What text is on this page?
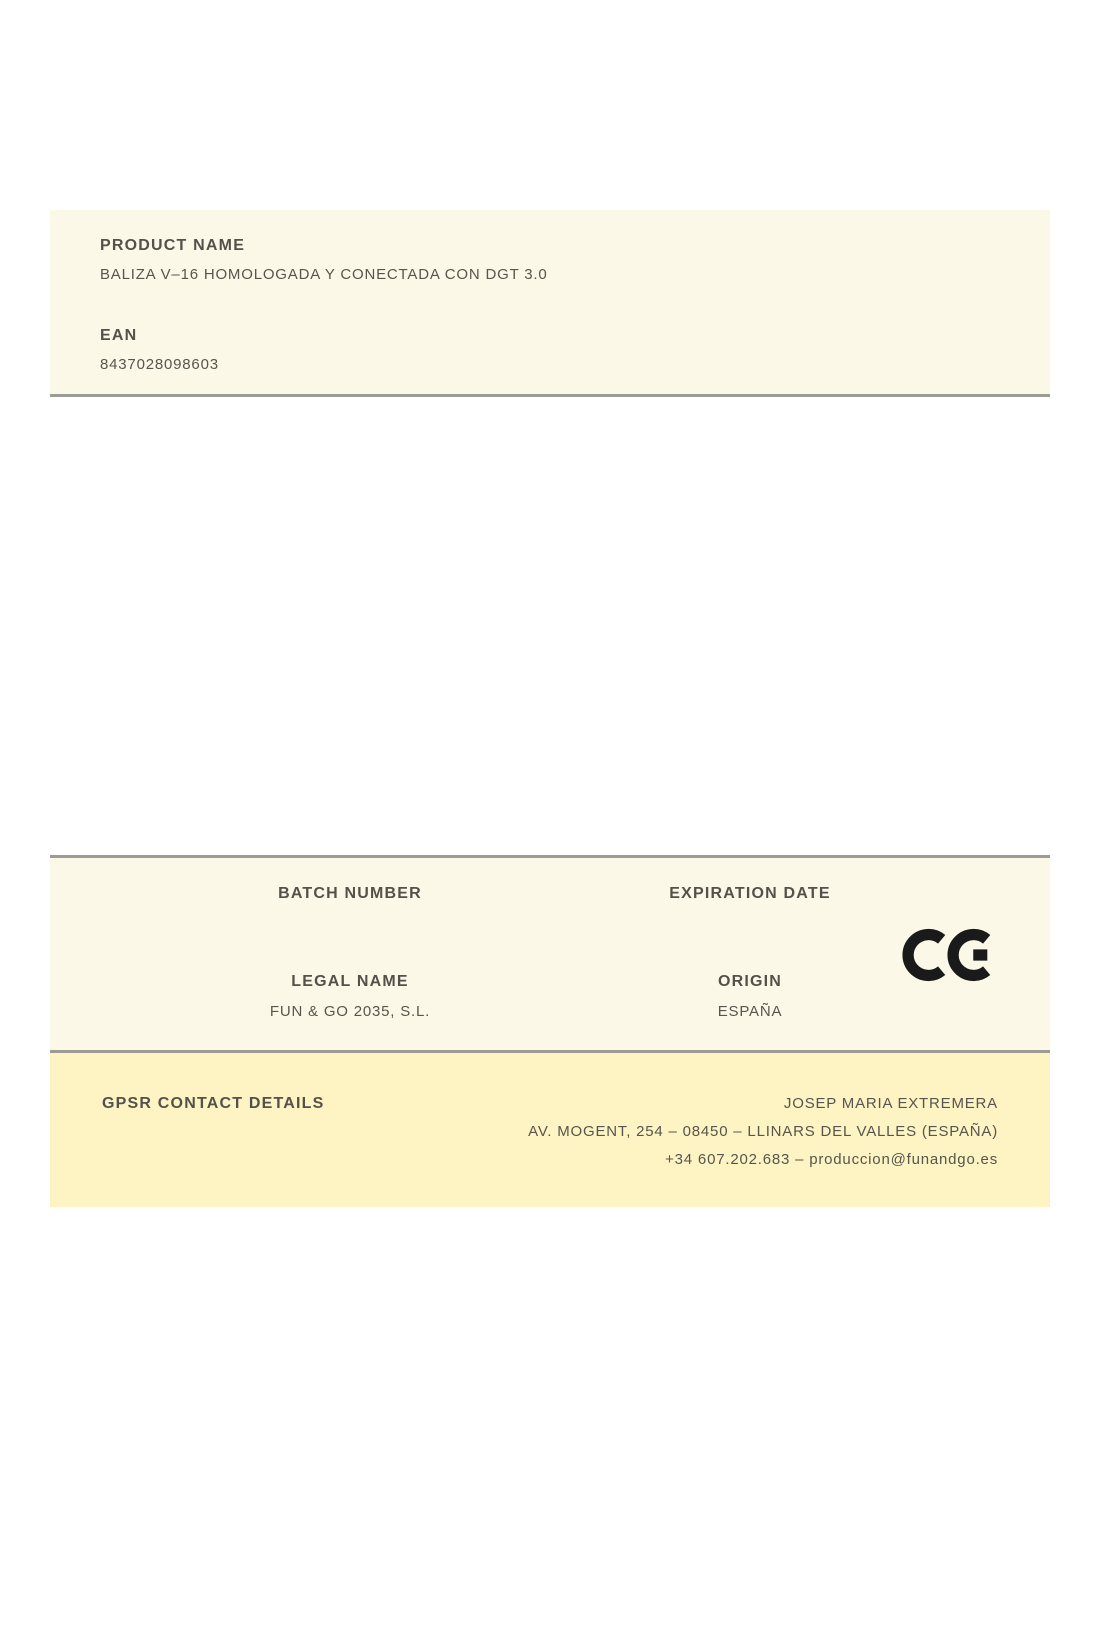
PRODUCT NAME
BALIZA V–16 HOMOLOGADA Y CONECTADA CON DGT 3.0
EAN
8437028098603
BATCH NUMBER
LEGAL NAME
FUN & GO 2035, S.L.
EXPIRATION DATE
ORIGIN
ESPAÑA
GPSR CONTACT DETAILS	JOSEP MARIA EXTREMERA
AV. MOGENT, 254 – 08450 – LLINARS DEL VALLES (ESPAÑA)
+34 607.202.683 – produccion@funandgo.es
